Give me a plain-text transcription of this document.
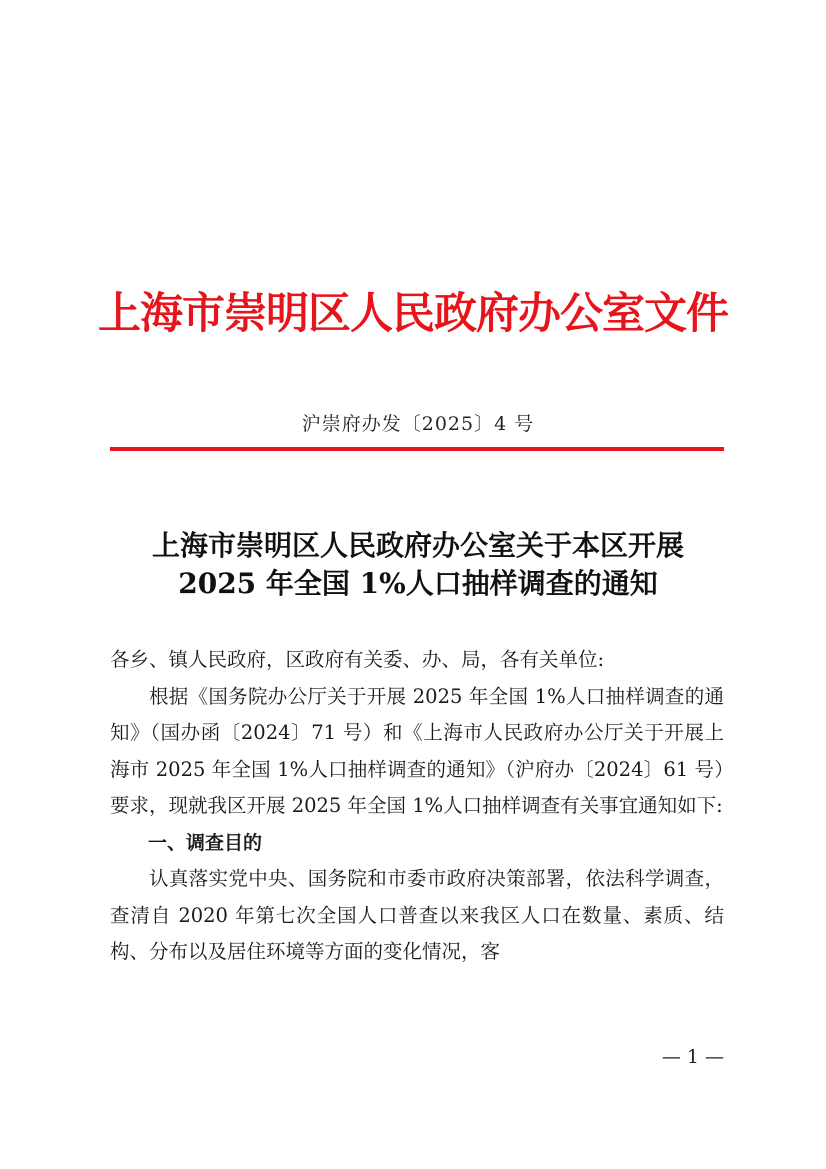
上海市崇明区人民政府办公室文件
沪崇府办发〔2025〕4 号
上海市崇明区人民政府办公室关于本区开展
2025 年全国 1%人口抽样调查的通知

各乡、镇人民政府，区政府有关委、办、局，各有关单位:

根据《国务院办公厅关于开展 2025 年全国 1%人口抽样调查的通知》（国办函〔2024〕71 号）和《上海市人民政府办公厅关于开展上海市 2025 年全国 1%人口抽样调查的通知》（沪府办〔2024〕61 号）要求，现就我区开展 2025 年全国 1%人口抽样调查有关事宜通知如下:

一、调查目的

认真落实党中央、国务院和市委市政府决策部署，依法科学调查，查清自 2020 年第七次全国人口普查以来我区人口在数量、素质、结构、分布以及居住环境等方面的变化情况，客

— 1 —
